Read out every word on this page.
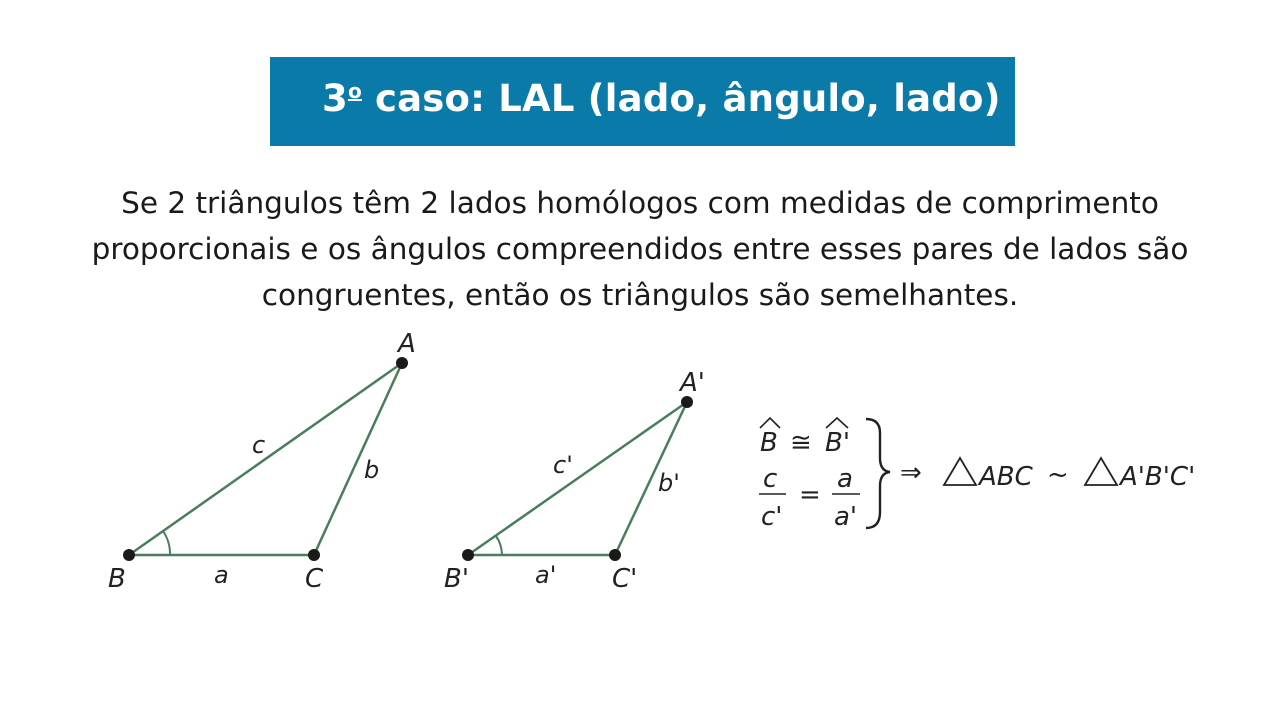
3$^o$ caso: LAL (lado, ângulo, lado)
Se 2 triângulos têm 2 lados homólogos com medidas de comprimento
proporcionais e os ângulos compreendidos entre esses pares de lados são
congruentes, então os triângulos são semelhantes.
A
B	C
c
b
a
A'
B'	C'
c'
b'
a'
B ≅ B'
c
c'
=
a
a'
⇒ ABC ~ A'B'C'
